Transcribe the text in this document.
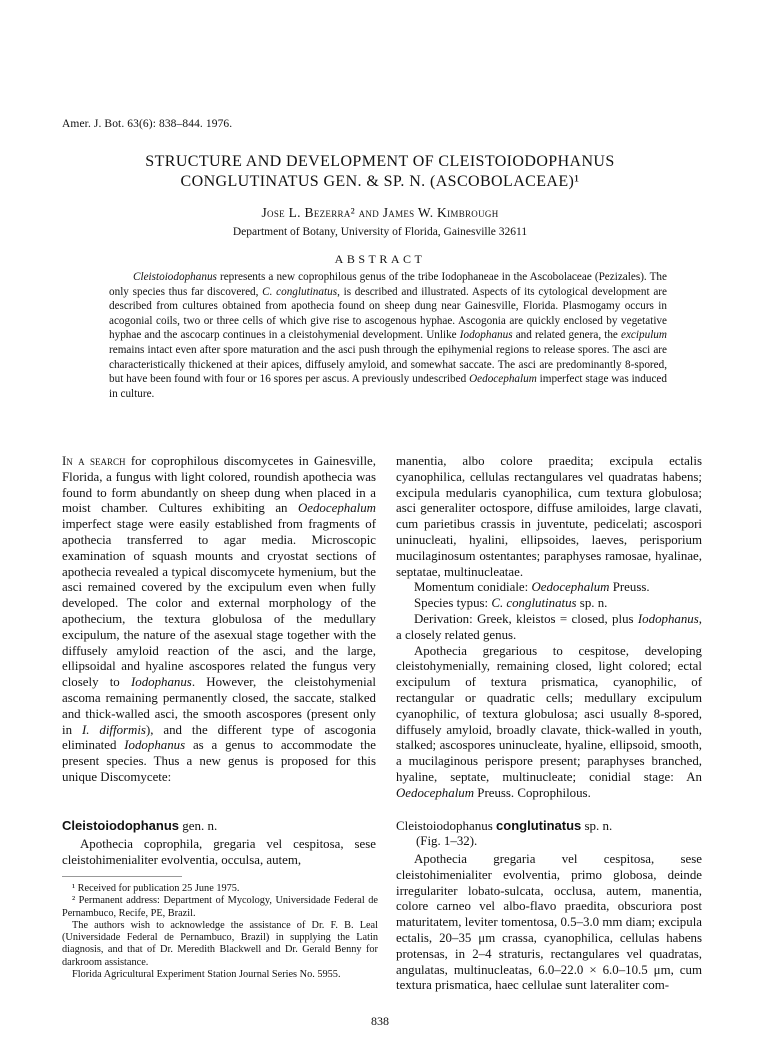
Amer. J. Bot. 63(6): 838–844. 1976.
STRUCTURE AND DEVELOPMENT OF CLEISTOIODOPHANUS
CONGLUTINATUS GEN. & SP. N. (ASCOBOLACEAE)¹
Jose L. Bezerra² and James W. Kimbrough
Department of Botany, University of Florida, Gainesville 32611
ABSTRACT

Cleistoiodophanus represents a new coprophilous genus of the tribe Iodophaneae in the Ascobolaceae (Pezizales). The only species thus far discovered, C. conglutinatus, is described and illustrated. Aspects of its cytological development are described from cultures obtained from apothecia found on sheep dung near Gainesville, Florida. Plasmogamy occurs in acogonial coils, two or three cells of which give rise to ascogenous hyphae. Ascogonia are quickly enclosed by vegetative hyphae and the ascocarp continues in a cleistohymenial development. Unlike Iodophanus and related genera, the excipulum remains intact even after spore maturation and the asci push through the epihymenial regions to release spores. The asci are characteristically thickened at their apices, diffusely amyloid, and somewhat saccate. The asci are predominantly 8-spored, but have been found with four or 16 spores per ascus. A previously undescribed Oedocephalum imperfect stage was induced in culture.

In a search for coprophilous discomycetes in Gainesville, Florida, a fungus with light colored, roundish apothecia was found to form abundantly on sheep dung when placed in a moist chamber. Cultures exhibiting an Oedocephalum imperfect stage were easily established from fragments of apothecia transferred to agar media. Microscopic examination of squash mounts and cryostat sections of apothecia revealed a typical discomycete hymenium, but the asci remained covered by the excipulum even when fully developed. The color and external morphology of the apothecium, the textura globulosa of the medullary excipulum, the nature of the asexual stage together with the diffusely amyloid reaction of the asci, and the large, ellipsoidal and hyaline ascospores related the fungus very closely to Iodophanus. However, the cleistohymenial ascoma remaining permanently closed, the saccate, stalked and thick-walled asci, the smooth ascospores (present only in I. difformis), and the different type of ascogonia eliminated Iodophanus as a genus to accommodate the present species. Thus a new genus is proposed for this unique Discomycete:

Cleistoiodophanus gen. n.
Apothecia coprophila, gregaria vel cespitosa, sese cleistohimenialiter evolventia, occulsa, autem,

¹ Received for publication 25 June 1975.

² Permanent address: Department of Mycology, Universidade Federal de Pernambuco, Recife, PE, Brazil.

The authors wish to acknowledge the assistance of Dr. F. B. Leal (Universidade Federal de Pernambuco, Brazil) in supplying the Latin diagnosis, and that of Dr. Meredith Blackwell and Dr. Gerald Benny for darkroom assistance.

Florida Agricultural Experiment Station Journal Series No. 5955.

manentia, albo colore praedita; excipula ectalis cyanophilica, cellulas rectangulares vel quadratas habens; excipula medularis cyanophilica, cum textura globulosa; asci generaliter octospore, diffuse amiloides, large clavati, cum parietibus crassis in juventute, pedicelati; ascospori uninucleati, hyalini, ellipsoides, laeves, perisporium mucilaginosum ostentantes; paraphyses ramosae, hyalinae, septatae, multinucleatae.

Momentum conidiale: Oedocephalum Preuss.

Species typus: C. conglutinatus sp. n.

Derivation: Greek, kleistos = closed, plus Iodophanus, a closely related genus.

Apothecia gregarious to cespitose, developing cleistohymenially, remaining closed, light colored; ectal excipulum of textura prismatica, cyanophilic, of rectangular or quadratic cells; medullary excipulum cyanophilic, of textura globulosa; asci usually 8-spored, diffusely amyloid, broadly clavate, thick-walled in youth, stalked; ascospores uninucleate, hyaline, ellipsoid, smooth, a mucilaginous perispore present; paraphyses branched, hyaline, septate, multinucleate; conidial stage: An Oedocephalum Preuss. Coprophilous.

Cleistoiodophanus conglutinatus sp. n.
(Fig. 1–32).
Apothecia gregaria vel cespitosa, sese cleistohimenialiter evolventia, primo globosa, deinde irregulariter lobato-sulcata, occlusa, autem, manentia, colore carneo vel albo-flavo praedita, obscuriora post maturitatem, leviter tomentosa, 0.5–3.0 mm diam; excipula ectalis, 20–35 μm crassa, cyanophilica, cellulas habens protensas, in 2–4 straturis, rectangulares vel quadratas, angulatas, multinucleatas, 6.0–22.0 × 6.0–10.5 μm, cum textura prismatica, haec cellulae sunt lateraliter com-
838
